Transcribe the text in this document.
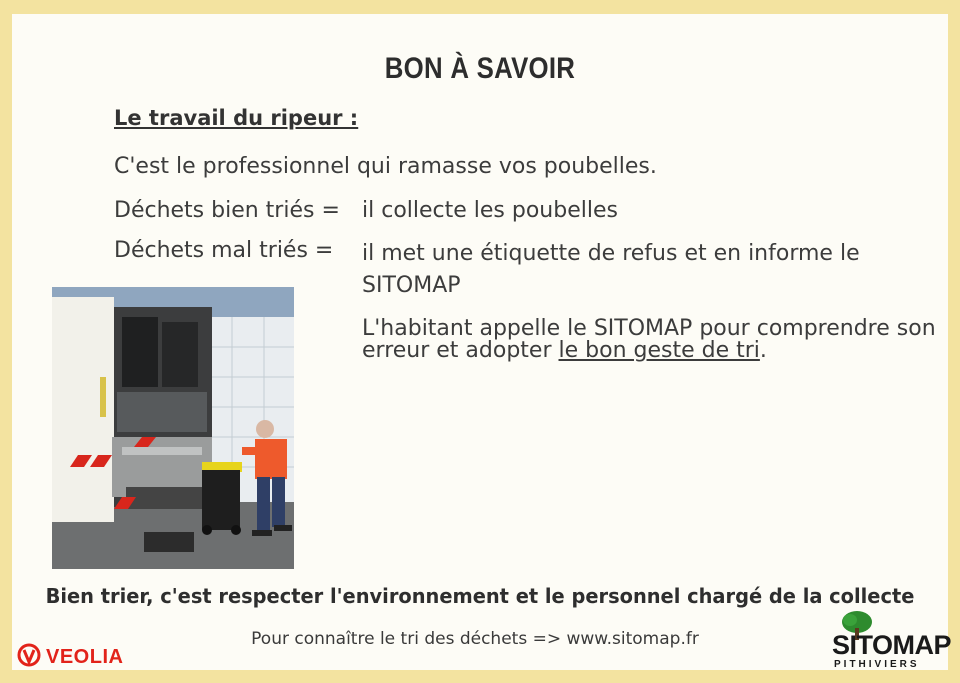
BON À SAVOIR
Le travail du ripeur :
C'est le professionnel qui ramasse vos poubelles.
Déchets bien triés = il collecte les poubelles
Déchets mal triés = il met une étiquette de refus et en informe le SITOMAP
L'habitant appelle le SITOMAP pour comprendre son erreur et adopter le bon geste de tri.
Bien trier, c'est respecter l'environnement et le personnel chargé de la collecte
Pour connaître le tri des déchets => www.sitomap.fr
VEOLIA	SITOMAP
PITHIVIERS
